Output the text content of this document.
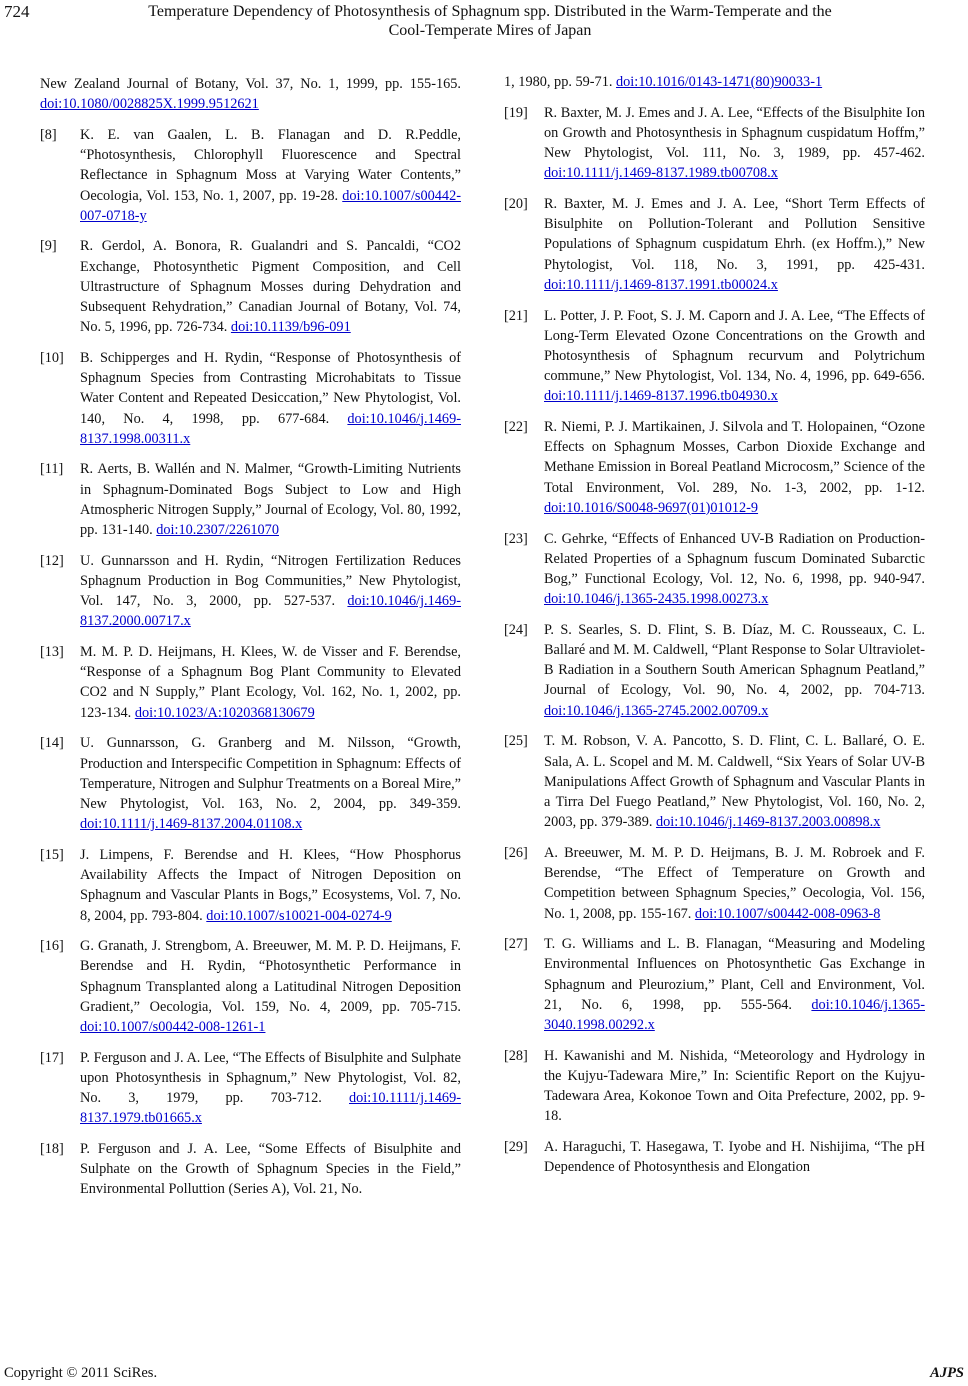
724	Temperature Dependency of Photosynthesis of Sphagnum spp. Distributed in the Warm-Temperate and the
Cool-Temperate Mires of Japan
New Zealand Journal of Botany, Vol. 37, No. 1, 1999, pp. 155-165. doi:10.1080/0028825X.1999.9512621
[8] K. E. van Gaalen, L. B. Flanagan and D. R.Peddle, “Photosynthesis, Chlorophyll Fluorescence and Spectral Reflectance in Sphagnum Moss at Varying Water Contents,” Oecologia, Vol. 153, No. 1, 2007, pp. 19-28. doi:10.1007/s00442-007-0718-y
[9] R. Gerdol, A. Bonora, R. Gualandri and S. Pancaldi, “CO2 Exchange, Photosynthetic Pigment Composition, and Cell Ultrastructure of Sphagnum Mosses during Dehydration and Subsequent Rehydration,” Canadian Journal of Botany, Vol. 74, No. 5, 1996, pp. 726-734. doi:10.1139/b96-091
[10] B. Schipperges and H. Rydin, “Response of Photosynthesis of Sphagnum Species from Contrasting Microhabitats to Tissue Water Content and Repeated Desiccation,” New Phytologist, Vol. 140, No. 4, 1998, pp. 677-684. doi:10.1046/j.1469-8137.1998.00311.x
[11] R. Aerts, B. Wallén and N. Malmer, “Growth-Limiting Nutrients in Sphagnum-Dominated Bogs Subject to Low and High Atmospheric Nitrogen Supply,” Journal of Ecology, Vol. 80, 1992, pp. 131-140. doi:10.2307/2261070
[12] U. Gunnarsson and H. Rydin, “Nitrogen Fertilization Reduces Sphagnum Production in Bog Communities,” New Phytologist, Vol. 147, No. 3, 2000, pp. 527-537. doi:10.1046/j.1469-8137.2000.00717.x
[13] M. M. P. D. Heijmans, H. Klees, W. de Visser and F. Berendse, “Response of a Sphagnum Bog Plant Community to Elevated CO2 and N Supply,” Plant Ecology, Vol. 162, No. 1, 2002, pp. 123-134. doi:10.1023/A:1020368130679
[14] U. Gunnarsson, G. Granberg and M. Nilsson, “Growth, Production and Interspecific Competition in Sphagnum: Effects of Temperature, Nitrogen and Sulphur Treatments on a Boreal Mire,” New Phytologist, Vol. 163, No. 2, 2004, pp. 349-359. doi:10.1111/j.1469-8137.2004.01108.x
[15] J. Limpens, F. Berendse and H. Klees, “How Phosphorus Availability Affects the Impact of Nitrogen Deposition on Sphagnum and Vascular Plants in Bogs,” Ecosystems, Vol. 7, No. 8, 2004, pp. 793-804. doi:10.1007/s10021-004-0274-9
[16] G. Granath, J. Strengbom, A. Breeuwer, M. M. P. D. Heijmans, F. Berendse and H. Rydin, “Photosynthetic Performance in Sphagnum Transplanted along a Latitudinal Nitrogen Deposition Gradient,” Oecologia, Vol. 159, No. 4, 2009, pp. 705-715. doi:10.1007/s00442-008-1261-1
[17] P. Ferguson and J. A. Lee, “The Effects of Bisulphite and Sulphate upon Photosynthesis in Sphagnum,” New Phytologist, Vol. 82, No. 3, 1979, pp. 703-712. doi:10.1111/j.1469-8137.1979.tb01665.x
[18] P. Ferguson and J. A. Lee, “Some Effects of Bisulphite and Sulphate on the Growth of Sphagnum Species in the Field,” Environmental Polluttion (Series A), Vol. 21, No.
1, 1980, pp. 59-71. doi:10.1016/0143-1471(80)90033-1
[19] R. Baxter, M. J. Emes and J. A. Lee, “Effects of the Bisulphite Ion on Growth and Photosynthesis in Sphagnum cuspidatum Hoffm,” New Phytologist, Vol. 111, No. 3, 1989, pp. 457-462. doi:10.1111/j.1469-8137.1989.tb00708.x
[20] R. Baxter, M. J. Emes and J. A. Lee, “Short Term Effects of Bisulphite on Pollution-Tolerant and Pollution Sensitive Populations of Sphagnum cuspidatum Ehrh. (ex Hoffm.),” New Phytologist, Vol. 118, No. 3, 1991, pp. 425-431. doi:10.1111/j.1469-8137.1991.tb00024.x
[21] L. Potter, J. P. Foot, S. J. M. Caporn and J. A. Lee, “The Effects of Long-Term Elevated Ozone Concentrations on the Growth and Photosynthesis of Sphagnum recurvum and Polytrichum commune,” New Phytologist, Vol. 134, No. 4, 1996, pp. 649-656. doi:10.1111/j.1469-8137.1996.tb04930.x
[22] R. Niemi, P. J. Martikainen, J. Silvola and T. Holopainen, “Ozone Effects on Sphagnum Mosses, Carbon Dioxide Exchange and Methane Emission in Boreal Peatland Microcosm,” Science of the Total Environment, Vol. 289, No. 1-3, 2002, pp. 1-12. doi:10.1016/S0048-9697(01)01012-9
[23] C. Gehrke, “Effects of Enhanced UV-B Radiation on Production-Related Properties of a Sphagnum fuscum Dominated Subarctic Bog,” Functional Ecology, Vol. 12, No. 6, 1998, pp. 940-947. doi:10.1046/j.1365-2435.1998.00273.x
[24] P. S. Searles, S. D. Flint, S. B. Díaz, M. C. Rousseaux, C. L. Ballaré and M. M. Caldwell, “Plant Response to Solar Ultraviolet-B Radiation in a Southern South American Sphagnum Peatland,” Journal of Ecology, Vol. 90, No. 4, 2002, pp. 704-713. doi:10.1046/j.1365-2745.2002.00709.x
[25] T. M. Robson, V. A. Pancotto, S. D. Flint, C. L. Ballaré, O. E. Sala, A. L. Scopel and M. M. Caldwell, “Six Years of Solar UV-B Manipulations Affect Growth of Sphagnum and Vascular Plants in a Tirra Del Fuego Peatland,” New Phytologist, Vol. 160, No. 2, 2003, pp. 379-389. doi:10.1046/j.1469-8137.2003.00898.x
[26] A. Breeuwer, M. M. P. D. Heijmans, B. J. M. Robroek and F. Berendse, “The Effect of Temperature on Growth and Competition between Sphagnum Species,” Oecologia, Vol. 156, No. 1, 2008, pp. 155-167. doi:10.1007/s00442-008-0963-8
[27] T. G. Williams and L. B. Flanagan, “Measuring and Modeling Environmental Influences on Photosynthetic Gas Exchange in Sphagnum and Pleurozium,” Plant, Cell and Environment, Vol. 21, No. 6, 1998, pp. 555-564. doi:10.1046/j.1365-3040.1998.00292.x
[28] H. Kawanishi and M. Nishida, “Meteorology and Hydrology in the Kujyu-Tadewara Mire,” In: Scientific Report on the Kujyu-Tadewara Area, Kokonoe Town and Oita Prefecture, 2002, pp. 9-18.
[29] A. Haraguchi, T. Hasegawa, T. Iyobe and H. Nishijima, “The pH Dependence of Photosynthesis and Elongation
Copyright © 2011 SciRes.	AJPS
